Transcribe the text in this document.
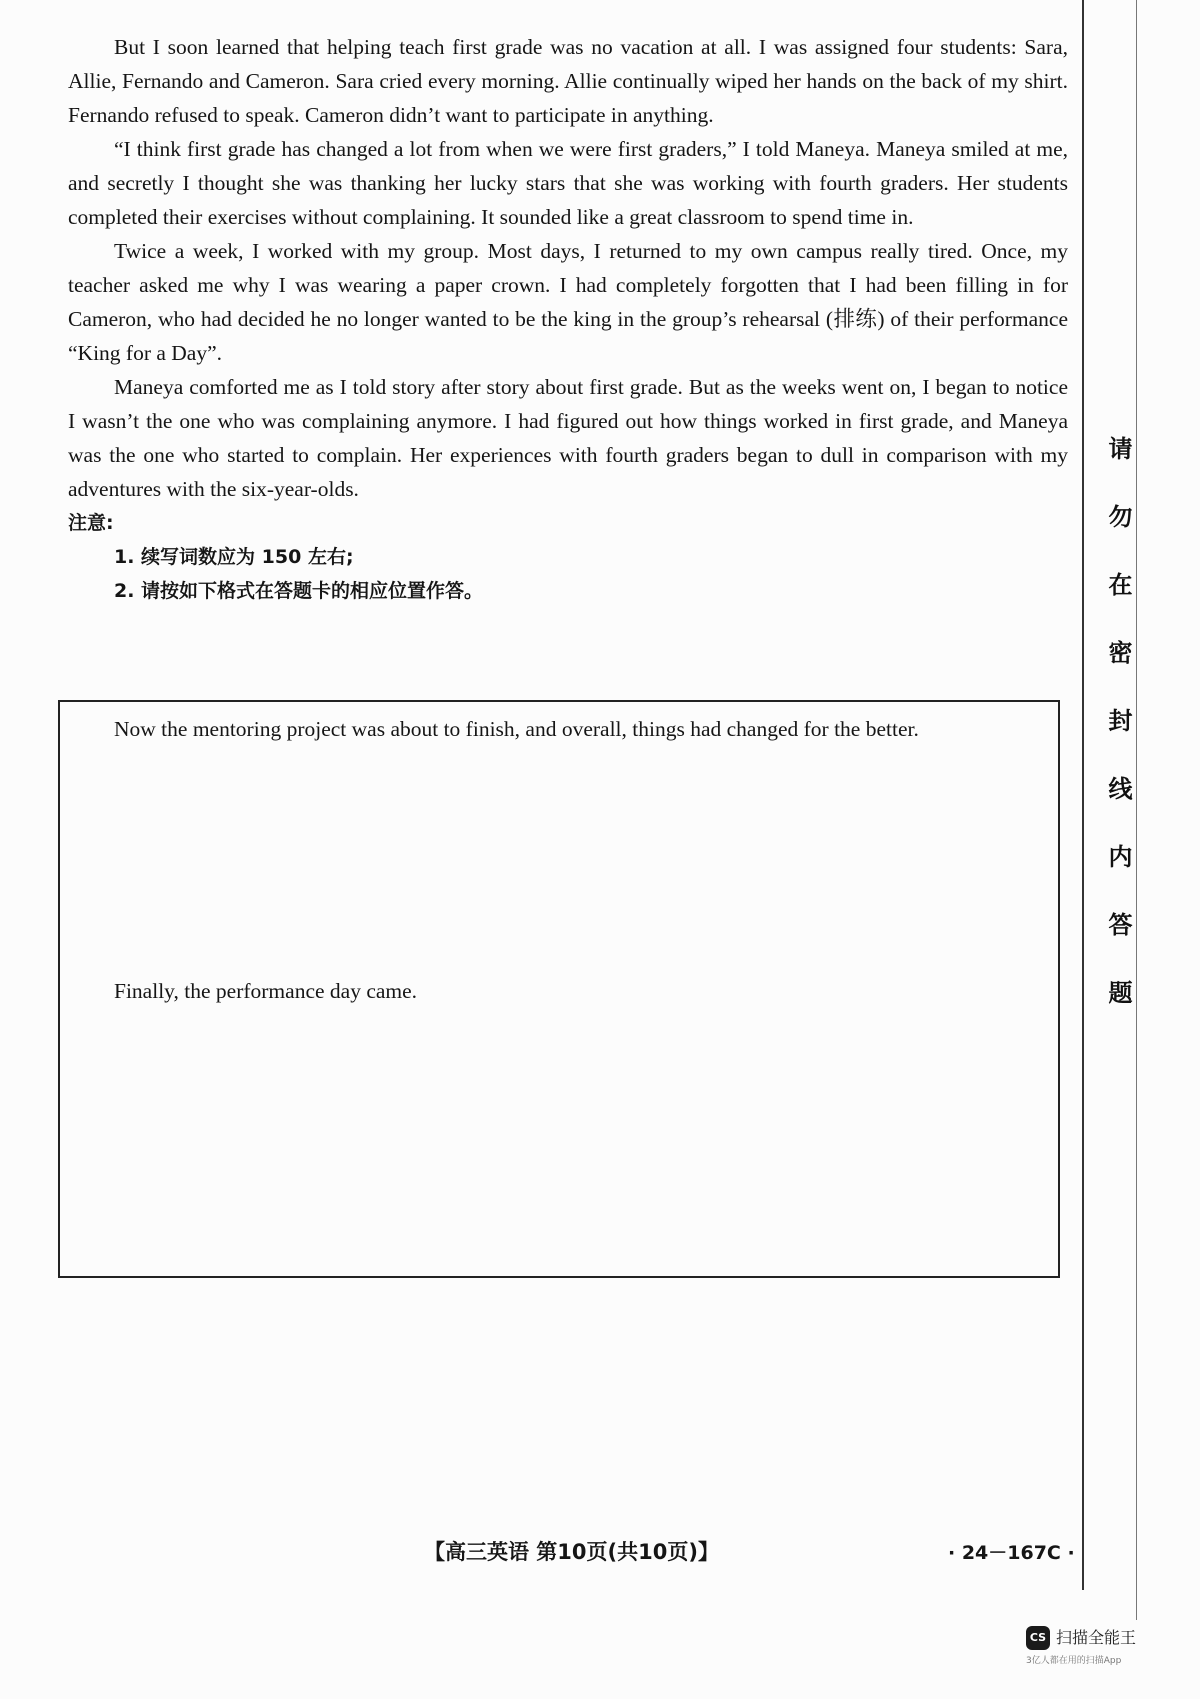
But I soon learned that helping teach first grade was no vacation at all. I was assigned four students: Sara, Allie, Fernando and Cameron. Sara cried every morning. Allie continually wiped her hands on the back of my shirt. Fernando refused to speak. Cameron didn’t want to participate in anything.

“I think first grade has changed a lot from when we were first graders,” I told Maneya. Maneya smiled at me, and secretly I thought she was thanking her lucky stars that she was working with fourth graders. Her students completed their exercises without complaining. It sounded like a great classroom to spend time in.

Twice a week, I worked with my group. Most days, I returned to my own campus really tired. Once, my teacher asked me why I was wearing a paper crown. I had completely forgotten that I had been filling in for Cameron, who had decided he no longer wanted to be the king in the group’s rehearsal (排练) of their performance “King for a Day”.

Maneya comforted me as I told story after story about first grade. But as the weeks went on, I began to notice I wasn’t the one who was complaining anymore. I had figured out how things worked in first grade, and Maneya was the one who started to complain. Her experiences with fourth graders began to dull in comparison with my adventures with the six-year-olds.

注意:

1. 续写词数应为 150 左右;

2. 请按如下格式在答题卡的相应位置作答。

Now the mentoring project was about to finish, and overall, things had changed for the better.

Finally, the performance day came.	请勿在密封线内答题

【高三英语 第10页(共10页)】	· 24－167C ·

CS 扫描全能王

3亿人都在用的扫描App
